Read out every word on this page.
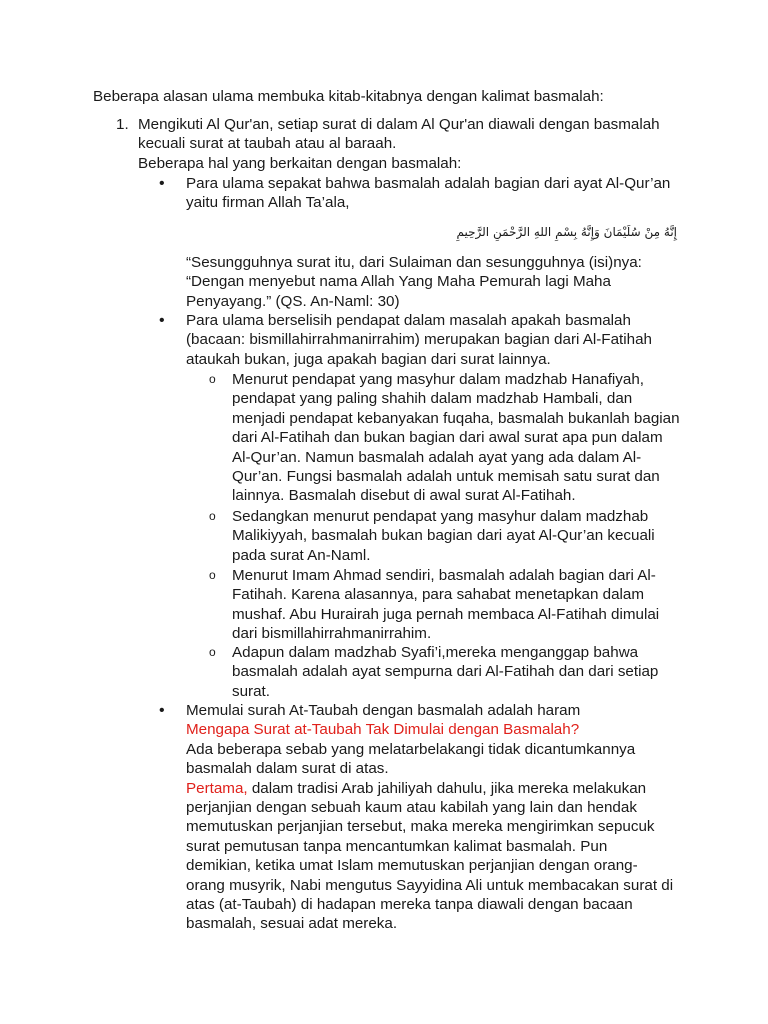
Beberapa alasan ulama membuka kitab-kitabnya dengan kalimat basmalah:

1. Mengikuti Al Qur'an, setiap surat di dalam Al Qur'an diawali dengan basmalah

kecuali surat at taubah atau al baraah.

Beberapa hal yang berkaitan dengan basmalah:

• Para ulama sepakat bahwa basmalah adalah bagian dari ayat Al-Qur’an yaitu firman Allah Ta’ala,

إِنَّهُ مِنْ سُلَيْمَانَ وَإِنَّهُ بِسْمِ اللهِ الرَّحْمَنِ الرَّحِيمِ

“Sesungguhnya surat itu, dari Sulaiman dan sesungguhnya (isi)nya: “Dengan menyebut nama Allah Yang Maha Pemurah lagi Maha Penyayang.” (QS. An-Naml: 30)

• Para ulama berselisih pendapat dalam masalah apakah basmalah (bacaan: bismillahirrahmanirrahim) merupakan bagian dari Al-Fatihah ataukah bukan, juga apakah bagian dari surat lainnya.

o Menurut pendapat yang masyhur dalam madzhab Hanafiyah, pendapat yang paling shahih dalam madzhab Hambali, dan menjadi pendapat kebanyakan fuqaha, basmalah bukanlah bagian dari Al-Fatihah dan bukan bagian dari awal surat apa pun dalam Al-Qur’an. Namun basmalah adalah ayat yang ada dalam Al-Qur’an. Fungsi basmalah adalah untuk memisah satu surat dan lainnya. Basmalah disebut di awal surat Al-Fatihah.

o Sedangkan menurut pendapat yang masyhur dalam madzhab Malikiyyah, basmalah bukan bagian dari ayat Al-Qur’an kecuali pada surat An-Naml.

o Menurut Imam Ahmad sendiri, basmalah adalah bagian dari Al-Fatihah. Karena alasannya, para sahabat menetapkan dalam mushaf. Abu Hurairah juga pernah membaca Al-Fatihah dimulai dari bismillahirrahmanirrahim.

o Adapun dalam madzhab Syafi’i,mereka menganggap bahwa basmalah adalah ayat sempurna dari Al-Fatihah dan dari setiap surat.

• Memulai surah At-Taubah dengan basmalah adalah haram

Mengapa Surat at-Taubah Tak Dimulai dengan Basmalah?

Ada beberapa sebab yang melatarbelakangi tidak dicantumkannya basmalah dalam surat di atas.

Pertama, dalam tradisi Arab jahiliyah dahulu, jika mereka melakukan perjanjian dengan sebuah kaum atau kabilah yang lain dan hendak memutuskan perjanjian tersebut, maka mereka mengirimkan sepucuk surat pemutusan tanpa mencantumkan kalimat basmalah. Pun demikian, ketika umat Islam memutuskan perjanjian dengan orang-orang musyrik, Nabi mengutus Sayyidina Ali untuk membacakan surat di atas (at-Taubah) di hadapan mereka tanpa diawali dengan bacaan basmalah, sesuai adat mereka.
